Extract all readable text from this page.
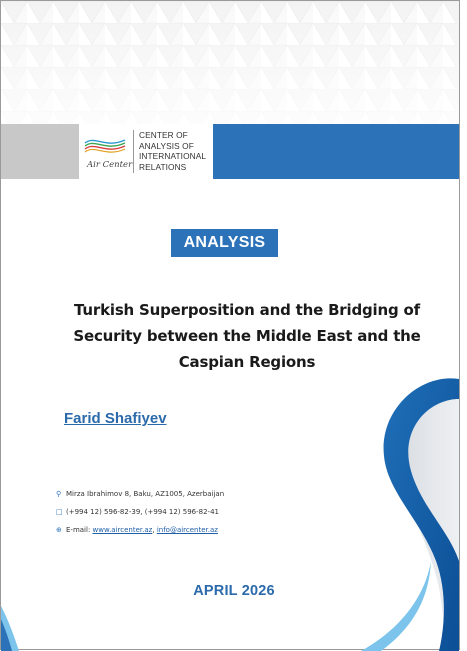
Air Center
CENTER OF
ANALYSIS OF
INTERNATIONAL
RELATIONS
ANALYSIS
Turkish Superposition and the Bridging of
Security between the Middle East and the
Caspian Regions
Farid Shafiyev
⚲ Mirza Ibrahimov 8, Baku, AZ1005, Azerbaijan
□ (+994 12) 596-82-39, (+994 12) 596-82-41
⊕ E-mail: www.aircenter.az, info@aircenter.az
APRIL 2026
